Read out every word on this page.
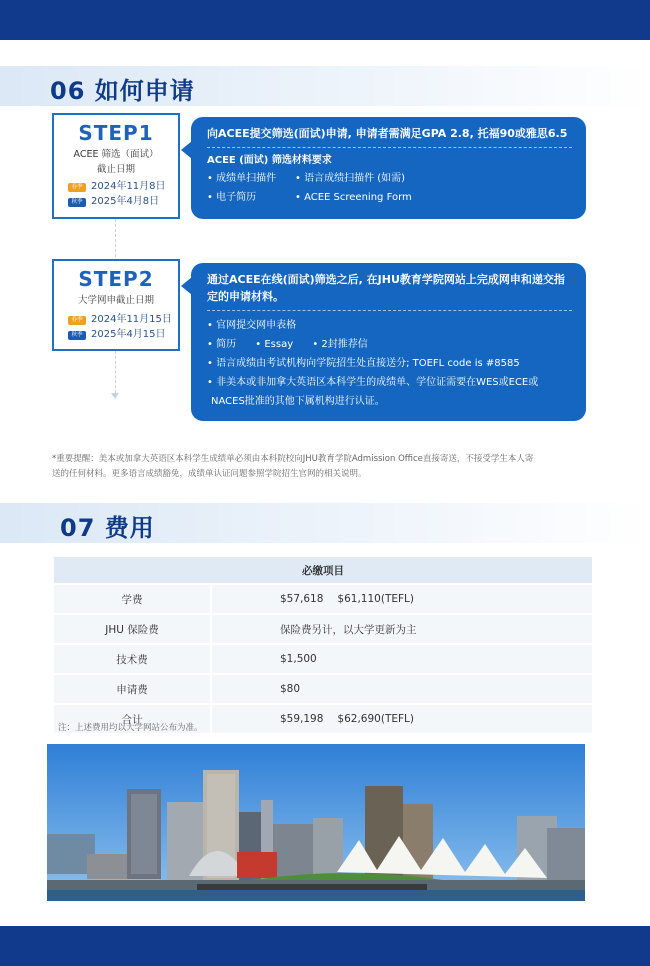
06 如何申请
STEP1
ACEE 筛选（面试）
截止日期
春季 2024年11月8日
秋季 2025年4月8日
向ACEE提交筛选(面试)申请, 申请者需满足GPA 2.8, 托福90或雅思6.5
ACEE (面试) 筛选材料要求
• 成绩单扫描件	• 语言成绩扫描件 (如需)
• 电子简历	• ACEE Screening Form
STEP2
大学网申截止日期
春季 2024年11月15日
秋季 2025年4月15日
通过ACEE在线(面试)筛选之后, 在JHU教育学院网站上完成网申和递交指
定的申请材料。
• 官网提交网申表格
• 简历 • Essay • 2封推荐信
• 语言成绩由考试机构向学院招生处直接送分; TOEFL code is #8585
• 非美本或非加拿大英语区本科学生的成绩单、学位证需要在WES或ECE或
NACES批准的其他下属机构进行认证。
*重要提醒：美本或加拿大英语区本科学生成绩单必须由本科院校向JHU教育学院Admission Office直接寄送，不接受学生本人寄
送的任何材料。更多语言成绩豁免，成绩单认证问题参照学院招生官网的相关说明。
07 费用
必缴项目	
学费	$57,618 $61,110(TEFL)
JHU 保险费	保险费另计，以大学更新为主
技术费	$1,500
申请费	$80
合计	$59,198 $62,690(TEFL)
注：上述费用均以大学网站公布为准。
